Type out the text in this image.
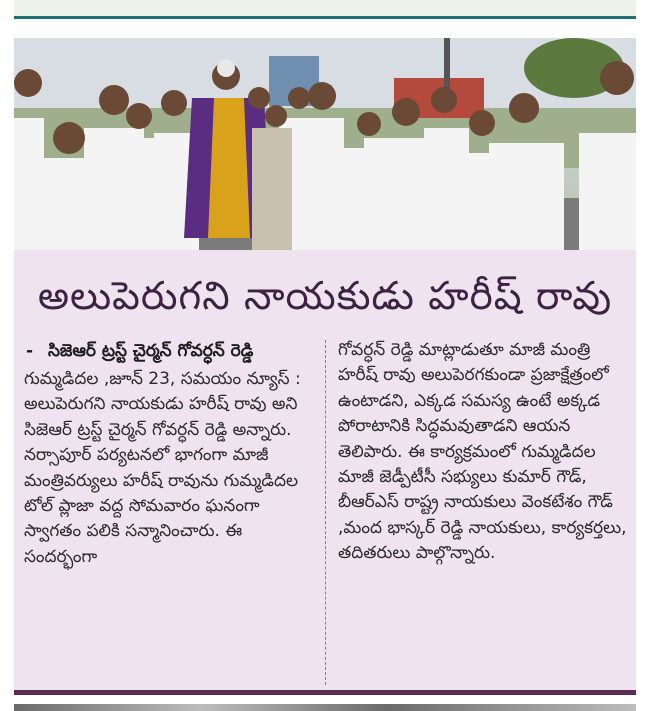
అలుపెరుగని నాయకుడు హరీష్ రావు
- సిజెఆర్ ట్రస్ట్ చైర్మన్ గోవర్ధన్ రెడ్డి

గుమ్మడిదల ,జూన్ 23, సమయం న్యూస్ : అలుపెరుగని నాయకుడు హరీష్ రావు అని సిజెఆర్ ట్రస్ట్ చైర్మన్ గోవర్ధన్ రెడ్డి అన్నారు. నర్సాపూర్ పర్యటనలో భాగంగా మాజీ మంత్రివర్యులు హరీష్ రావును గుమ్మడిదల టోల్ ప్లాజా వద్ద సోమవారం ఘనంగా స్వాగతం పలికి సన్మానించారు. ఈ సందర్భంగా

గోవర్ధన్ రెడ్డి మాట్లాడుతూ మాజీ మంత్రి హరీష్ రావు అలుపెరగకుండా ప్రజాక్షేత్రంలో ఉంటాడని, ఎక్కడ సమస్య ఉంటే అక్కడ పోరాటానికి సిద్ధమవుతాడని ఆయన తెలిపారు. ఈ కార్యక్రమంలో గుమ్మడిదల మాజీ జెడ్పీటీసీ సభ్యులు కుమార్ గౌడ్, బీఆర్ఎస్ రాష్ట్ర నాయకులు వెంకటేశం గౌడ్ ,మంద భాస్కర్ రెడ్డి నాయకులు, కార్యకర్తలు, తదితరులు పాల్గొన్నారు.
